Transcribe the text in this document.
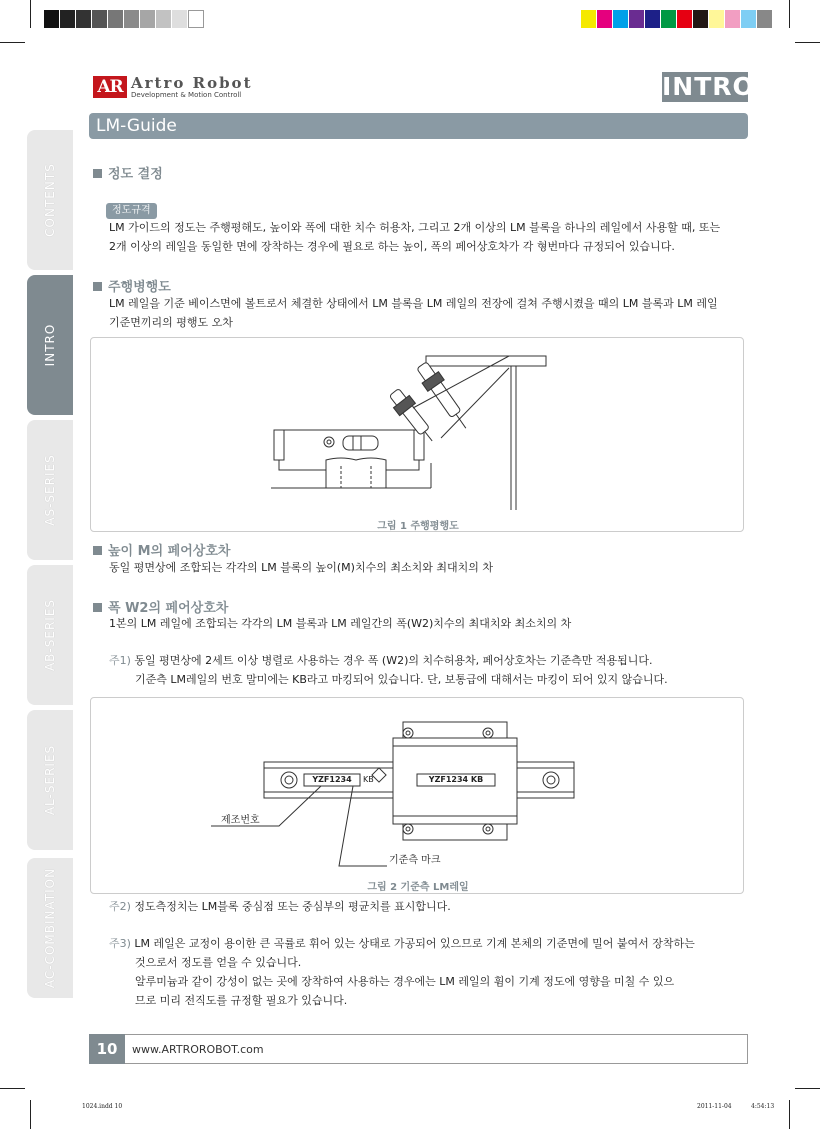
AR Artro Robot
Development & Motion Controll	INTRO
LM-Guide
CONTENTS
INTRO
AS-SERIES
AB-SERIES
AL-SERIES
AC-COMBINATION
정도 결정
정도규격
LM 가이드의 정도는 주행평해도, 높이와 폭에 대한 치수 허용차, 그리고 2개 이상의 LM 블록을 하나의 레일에서 사용할 때, 또는
2개 이상의 레일을 동일한 면에 장착하는 경우에 필요로 하는 높이, 폭의 페어상호차가 각 형번마다 규정되어 있습니다.
주행병행도
LM 레일을 기준 베이스면에 볼트로서 체결한 상태에서 LM 블록을 LM 레일의 전장에 걸쳐 주행시켰을 때의 LM 블록과 LM 레일
기준면끼리의 평행도 오차
그림 1 주행평행도
높이 M의 페어상호차
동일 평면상에 조합되는 각각의 LM 블록의 높이(M)치수의 최소치와 최대치의 차
폭 W2의 페어상호차
1본의 LM 레일에 조합되는 각각의 LM 블록과 LM 레일간의 폭(W2)치수의 최대치와 최소치의 차
주1) 동일 평면상에 2세트 이상 병렬로 사용하는 경우 폭 (W2)의 치수허용차, 페어상호차는 기준측만 적용됩니다.
기준측 LM레일의 번호 말미에는 KB라고 마킹되어 있습니다. 단, 보통급에 대해서는 마킹이 되어 있지 않습니다.
YZF1234	KB	YZF1234 KB
제조번호
기준측 마크
그림 2 기준측 LM레일
주2) 정도측정치는 LM블록 중심점 또는 중심부의 평균치를 표시합니다.
주3) LM 레일은 교정이 용이한 큰 곡률로 휘어 있는 상태로 가공되어 있으므로 기계 본체의 기준면에 밀어 붙여서 장착하는
것으로서 정도를 얻을 수 있습니다.
알루미늄과 같이 강성이 없는 곳에 장착하여 사용하는 경우에는 LM 레일의 휨이 기계 정도에 영향을 미칠 수 있으
므로 미리 전직도를 규정할 필요가 있습니다.
10	www.ARTROROBOT.com
1024.indd 10	2011-11-04	4:54:13
